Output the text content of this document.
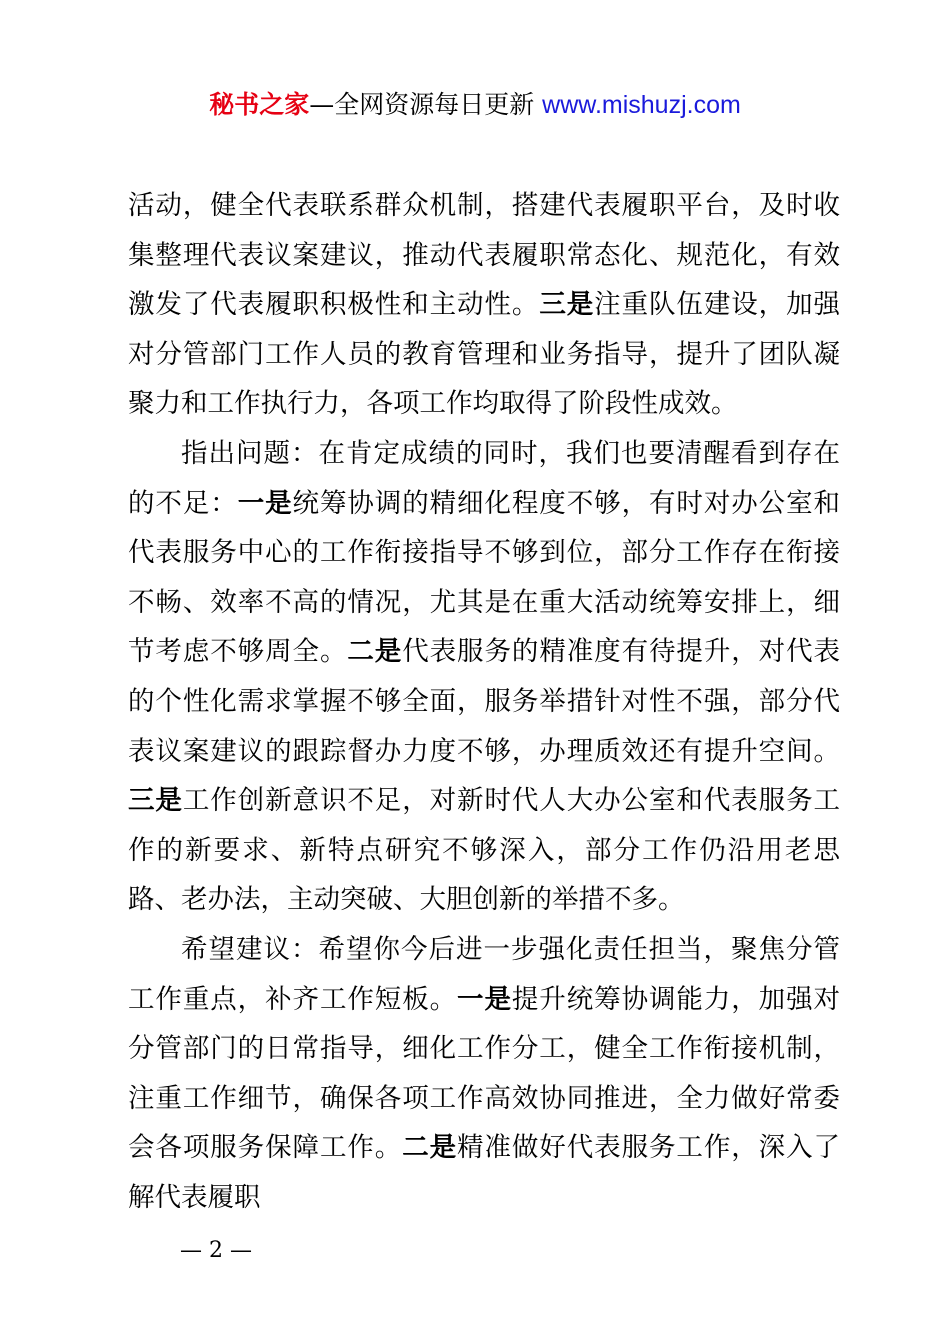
秘书之家—全网资源每日更新 www.mishuzj.com

活动，健全代表联系群众机制，搭建代表履职平台，及时收集整理代表议案建议，推动代表履职常态化、规范化，有效激发了代表履职积极性和主动性。三是注重队伍建设，加强对分管部门工作人员的教育管理和业务指导，提升了团队凝聚力和工作执行力，各项工作均取得了阶段性成效。

指出问题：在肯定成绩的同时，我们也要清醒看到存在的不足：一是统筹协调的精细化程度不够，有时对办公室和代表服务中心的工作衔接指导不够到位，部分工作存在衔接不畅、效率不高的情况，尤其是在重大活动统筹安排上，细节考虑不够周全。二是代表服务的精准度有待提升，对代表的个性化需求掌握不够全面，服务举措针对性不强，部分代表议案建议的跟踪督办力度不够，办理质效还有提升空间。三是工作创新意识不足，对新时代人大办公室和代表服务工作的新要求、新特点研究不够深入，部分工作仍沿用老思路、老办法，主动突破、大胆创新的举措不多。

希望建议：希望你今后进一步强化责任担当，聚焦分管工作重点，补齐工作短板。一是提升统筹协调能力，加强对分管部门的日常指导，细化工作分工，健全工作衔接机制，注重工作细节，确保各项工作高效协同推进，全力做好常委会各项服务保障工作。二是精准做好代表服务工作，深入了解代表履职

— 2 —
